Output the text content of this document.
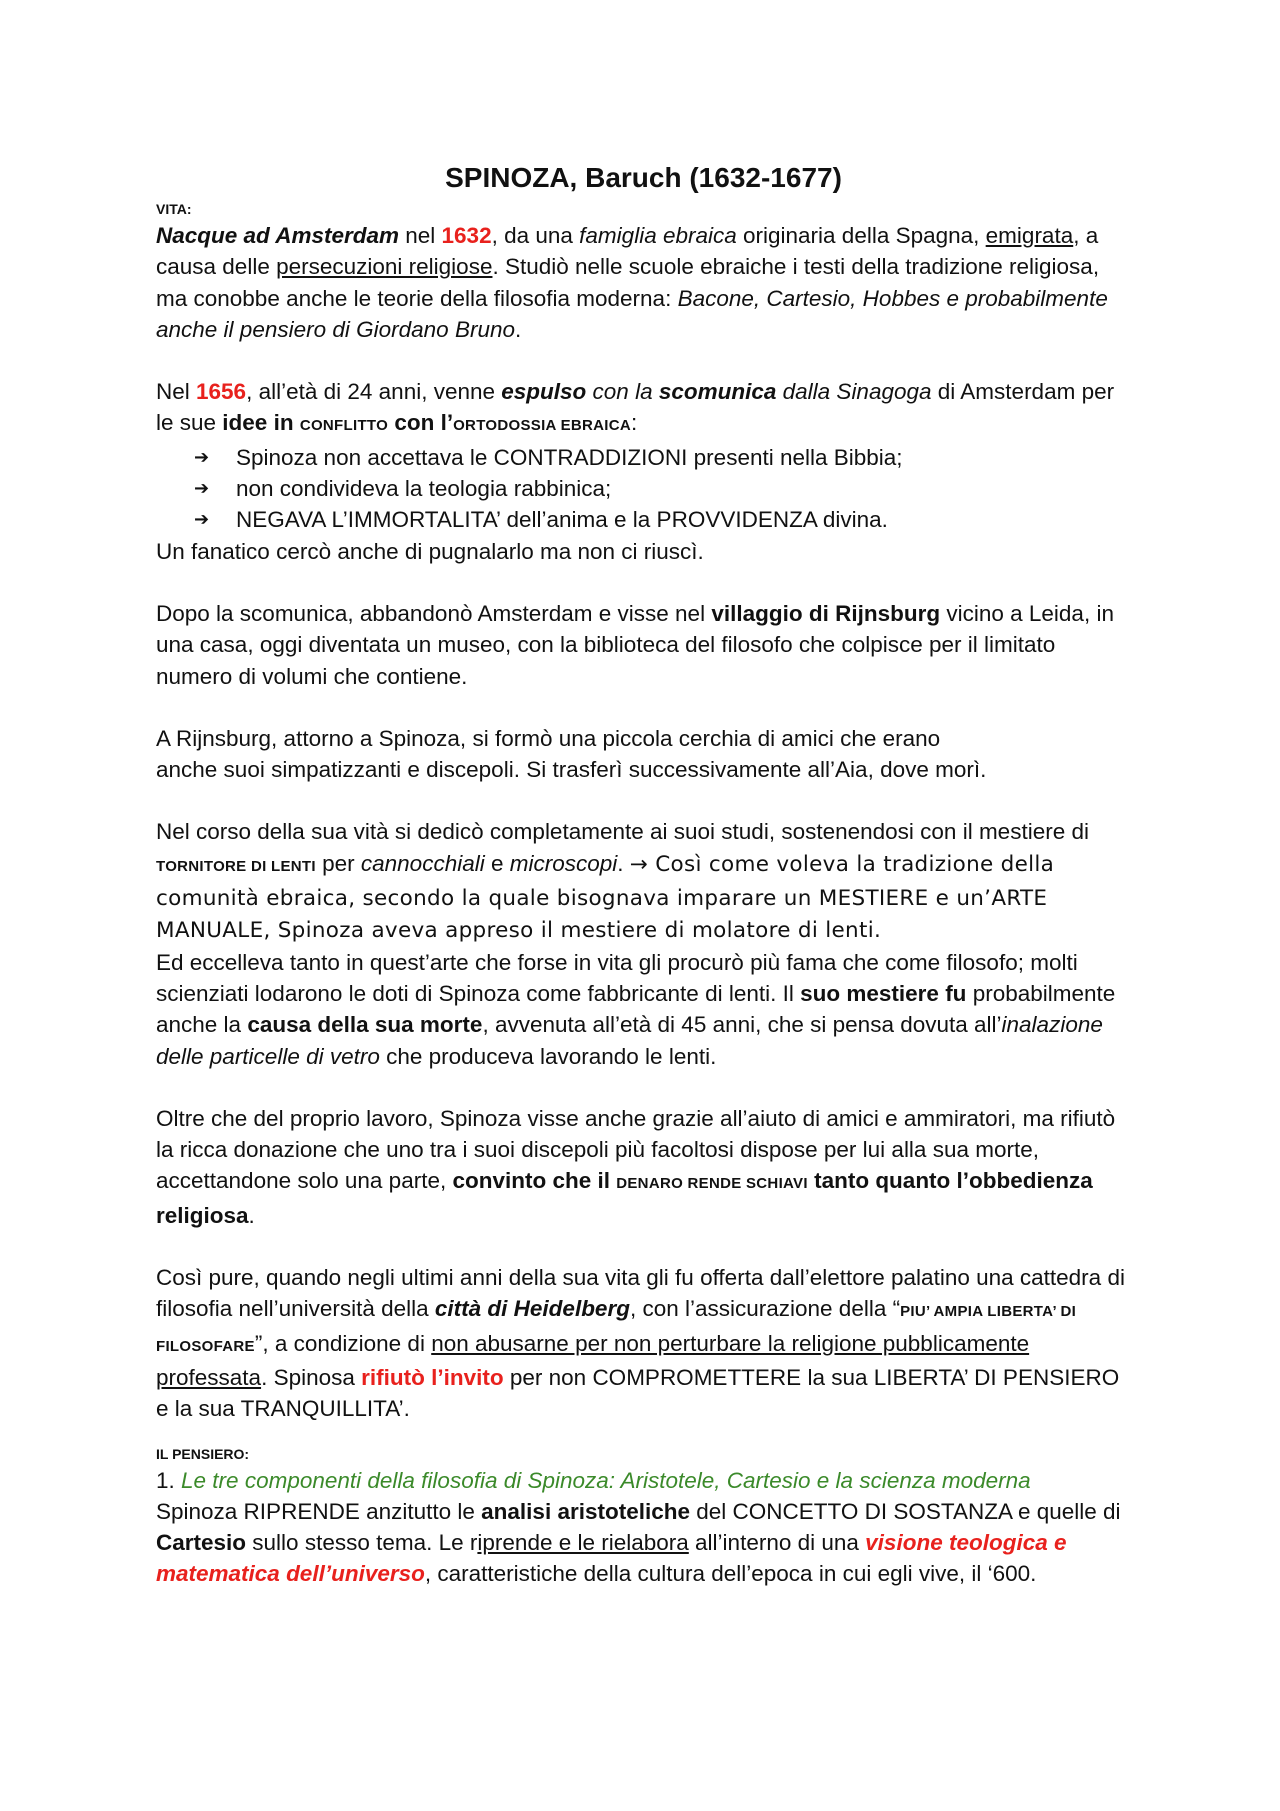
SPINOZA, Baruch (1632-1677)
VITA:

Nacque ad Amsterdam nel 1632, da una famiglia ebraica originaria della Spagna, emigrata, a causa delle persecuzioni religiose. Studiò nelle scuole ebraiche i testi della tradizione religiosa, ma conobbe anche le teorie della filosofia moderna: Bacone, Cartesio, Hobbes e probabilmente anche il pensiero di Giordano Bruno.

Nel 1656, all’età di 24 anni, venne espulso con la scomunica dalla Sinagoga di Amsterdam per le sue idee in CONFLITTO con l’ORTODOSSIA EBRAICA:

➔ Spinoza non accettava le CONTRADDIZIONI presenti nella Bibbia;
➔ non condivideva la teologia rabbinica;
➔ NEGAVA L’IMMORTALITA’ dell’anima e la PROVVIDENZA divina.

Un fanatico cercò anche di pugnalarlo ma non ci riuscì.

Dopo la scomunica, abbandonò Amsterdam e visse nel villaggio di Rijnsburg vicino a Leida, in una casa, oggi diventata un museo, con la biblioteca del filosofo che colpisce per il limitato numero di volumi che contiene.

A Rijnsburg, attorno a Spinoza, si formò una piccola cerchia di amici che erano
anche suoi simpatizzanti e discepoli. Si trasferì successivamente all’Aia, dove morì.

Nel corso della sua vità si dedicò completamente ai suoi studi, sostenendosi con il mestiere di TORNITORE DI LENTI per cannocchiali e microscopi. → Così come voleva la tradizione della comunità ebraica, secondo la quale bisognava imparare un MESTIERE e un’ARTE MANUALE, Spinoza aveva appreso il mestiere di molatore di lenti.

Ed eccelleva tanto in quest’arte che forse in vita gli procurò più fama che come filosofo; molti scienziati lodarono le doti di Spinoza come fabbricante di lenti. Il suo mestiere fu probabilmente anche la causa della sua morte, avvenuta all’età di 45 anni, che si pensa dovuta all’inalazione delle particelle di vetro che produceva lavorando le lenti.

Oltre che del proprio lavoro, Spinoza visse anche grazie all’aiuto di amici e ammiratori, ma rifiutò la ricca donazione che uno tra i suoi discepoli più facoltosi dispose per lui alla sua morte, accettandone solo una parte, convinto che il DENARO RENDE SCHIAVI tanto quanto l’obbedienza religiosa.

Così pure, quando negli ultimi anni della sua vita gli fu offerta dall’elettore palatino una cattedra di filosofia nell’università della città di Heidelberg, con l’assicurazione della “PIU’ AMPIA LIBERTA’ DI FILOSOFARE”, a condizione di non abusarne per non perturbare la religione pubblicamente professata. Spinosa rifiutò l’invito per non COMPROMETTERE la sua LIBERTA’ DI PENSIERO e la sua TRANQUILLITA’.

IL PENSIERO:

1. Le tre componenti della filosofia di Spinoza: Aristotele, Cartesio e la scienza moderna
Spinoza RIPRENDE anzitutto le analisi aristoteliche del CONCETTO DI SOSTANZA e quelle di Cartesio sullo stesso tema. Le riprende e le rielabora all’interno di una visione teologica e matematica dell’universo, caratteristiche della cultura dell’epoca in cui egli vive, il ‘600.
